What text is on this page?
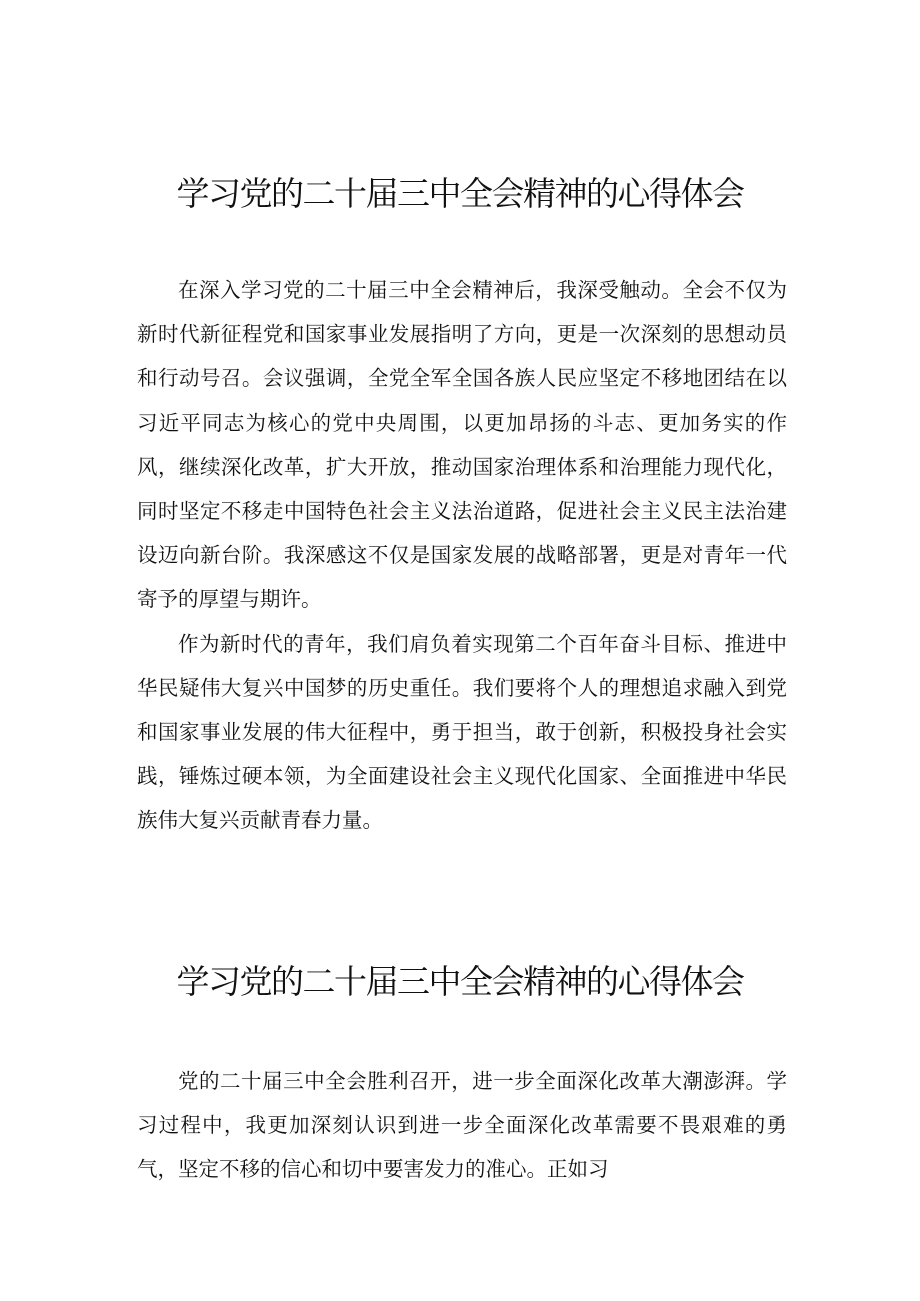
学习党的二十届三中全会精神的心得体会

在深入学习党的二十届三中全会精神后，我深受触动。全会不仅为新时代新征程党和国家事业发展指明了方向，更是一次深刻的思想动员和行动号召。会议强调，全党全军全国各族人民应坚定不移地团结在以习近平同志为核心的党中央周围，以更加昂扬的斗志、更加务实的作风，继续深化改革，扩大开放，推动国家治理体系和治理能力现代化，同时坚定不移走中国特色社会主义法治道路，促进社会主义民主法治建设迈向新台阶。我深感这不仅是国家发展的战略部署，更是对青年一代寄予的厚望与期许。

作为新时代的青年，我们肩负着实现第二个百年奋斗目标、推进中华民疑伟大复兴中国梦的历史重任。我们要将个人的理想追求融入到党和国家事业发展的伟大征程中，勇于担当，敢于创新，积极投身社会实践，锤炼过硬本领，为全面建设社会主义现代化国家、全面推进中华民族伟大复兴贡献青春力量。

学习党的二十届三中全会精神的心得体会

党的二十届三中全会胜利召开，进一步全面深化改革大潮澎湃。学习过程中，我更加深刻认识到进一步全面深化改革需要不畏艰难的勇气，坚定不移的信心和切中要害发力的准心。正如习
